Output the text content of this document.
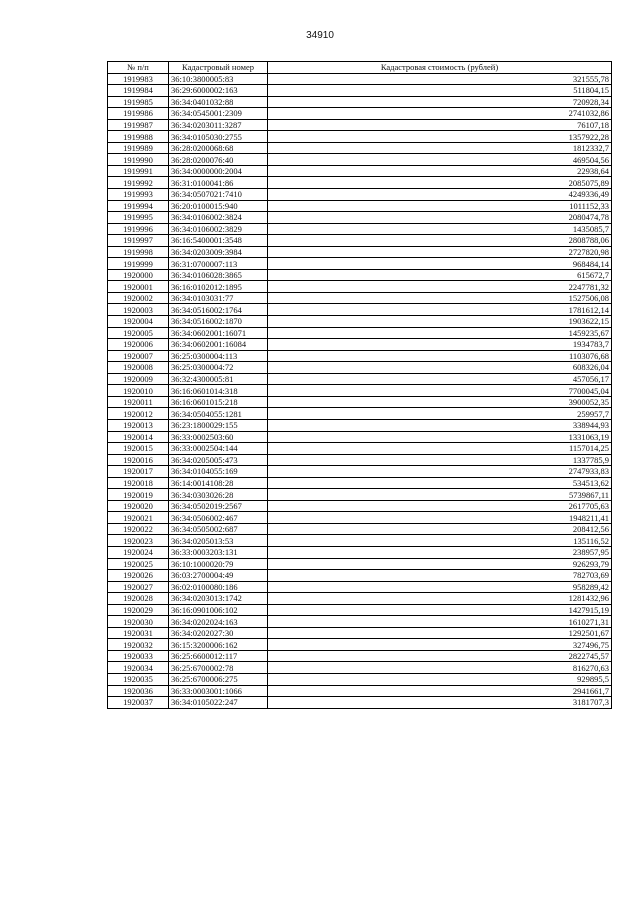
34910
№ п/п	Кадастровый номер	Кадастровая стоимость (рублей)
1919983	36:10:3800005:83	321555,78
1919984	36:29:6000002:163	511804,15
1919985	36:34:0401032:88	720928,34
1919986	36:34:0545001:2309	2741032,86
1919987	36:34:0203011:3287	76107,18
1919988	36:34:0105030:2755	1357922,28
1919989	36:28:0200068:68	1812332,7
1919990	36:28:0200076:40	469504,56
1919991	36:34:0000000:2004	22938,64
1919992	36:31:0100041:86	2085075,89
1919993	36:34:0507021:7410	4249336,49
1919994	36:20:0100015:940	1011152,33
1919995	36:34:0106002:3824	2080474,78
1919996	36:34:0106002:3829	1435085,7
1919997	36:16:5400001:3548	2808788,06
1919998	36:34:0203009:3984	2727820,98
1919999	36:31:0700007:113	968484,14
1920000	36:34:0106028:3865	615672,7
1920001	36:16:0102012:1895	2247781,32
1920002	36:34:0103031:77	1527506,08
1920003	36:34:0516002:1764	1781612,14
1920004	36:34:0516002:1870	1903622,15
1920005	36:34:0602001:16071	1459235,67
1920006	36:34:0602001:16084	1934783,7
1920007	36:25:0300004:113	1103076,68
1920008	36:25:0300004:72	608326,04
1920009	36:32:4300005:81	457056,17
1920010	36:16:0601014:318	7700045,04
1920011	36:16:0601015:218	3900052,35
1920012	36:34:0504055:1281	259957,7
1920013	36:23:1800029:155	338944,93
1920014	36:33:0002503:60	1331063,19
1920015	36:33:0002504:144	1157014,25
1920016	36:34:0205005:473	1337785,9
1920017	36:34:0104055:169	2747933,83
1920018	36:14:0014108:28	534513,62
1920019	36:34:0303026:28	5739867,11
1920020	36:34:0502019:2567	2617705,63
1920021	36:34:0506002:467	1948211,41
1920022	36:34:0505002:687	208412,56
1920023	36:34:0205013:53	135116,52
1920024	36:33:0003203:131	238957,95
1920025	36:10:1000020:79	926293,79
1920026	36:03:2700004:49	782703,69
1920027	36:02:0100080:186	958289,42
1920028	36:34:0203013:1742	1281432,96
1920029	36:16:0901006:102	1427915,19
1920030	36:34:0202024:163	1610271,31
1920031	36:34:0202027:30	1292501,67
1920032	36:15:3200006:162	327496,75
1920033	36:25:6600012:117	2822745,57
1920034	36:25:6700002:78	816270,63
1920035	36:25:6700006:275	929895,5
1920036	36:33:0003001:1066	2941661,7
1920037	36:34:0105022:247	3181707,3
